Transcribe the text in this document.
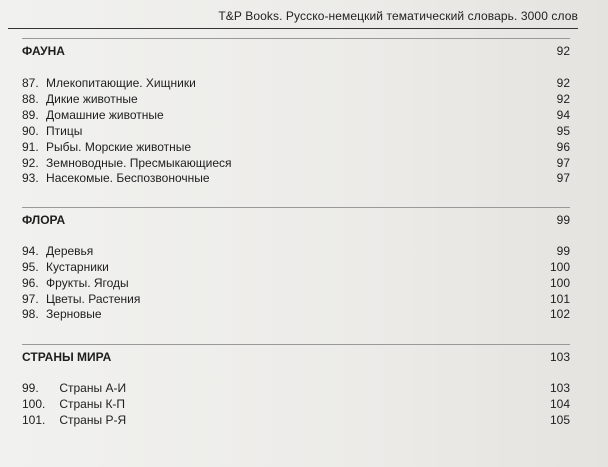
T&P Books. Русско-немецкий тематический словарь. 3000 слов
ФАУНА	92
87. Млекопитающие. Хищники	92
88. Дикие животные	92
89. Домашние животные	94
90. Птицы	95
91. Рыбы. Морские животные	96
92. Земноводные. Пресмыкающиеся	97
93. Насекомые. Беспозвоночные	97
ФЛОРА	99
94. Деревья	99
95. Кустарники	100
96. Фрукты. Ягоды	100
97. Цветы. Растения	101
98. Зерновые	102
СТРАНЫ МИРА	103
99. Страны А-И	103
100. Страны К-П	104
101. Страны Р-Я	105
